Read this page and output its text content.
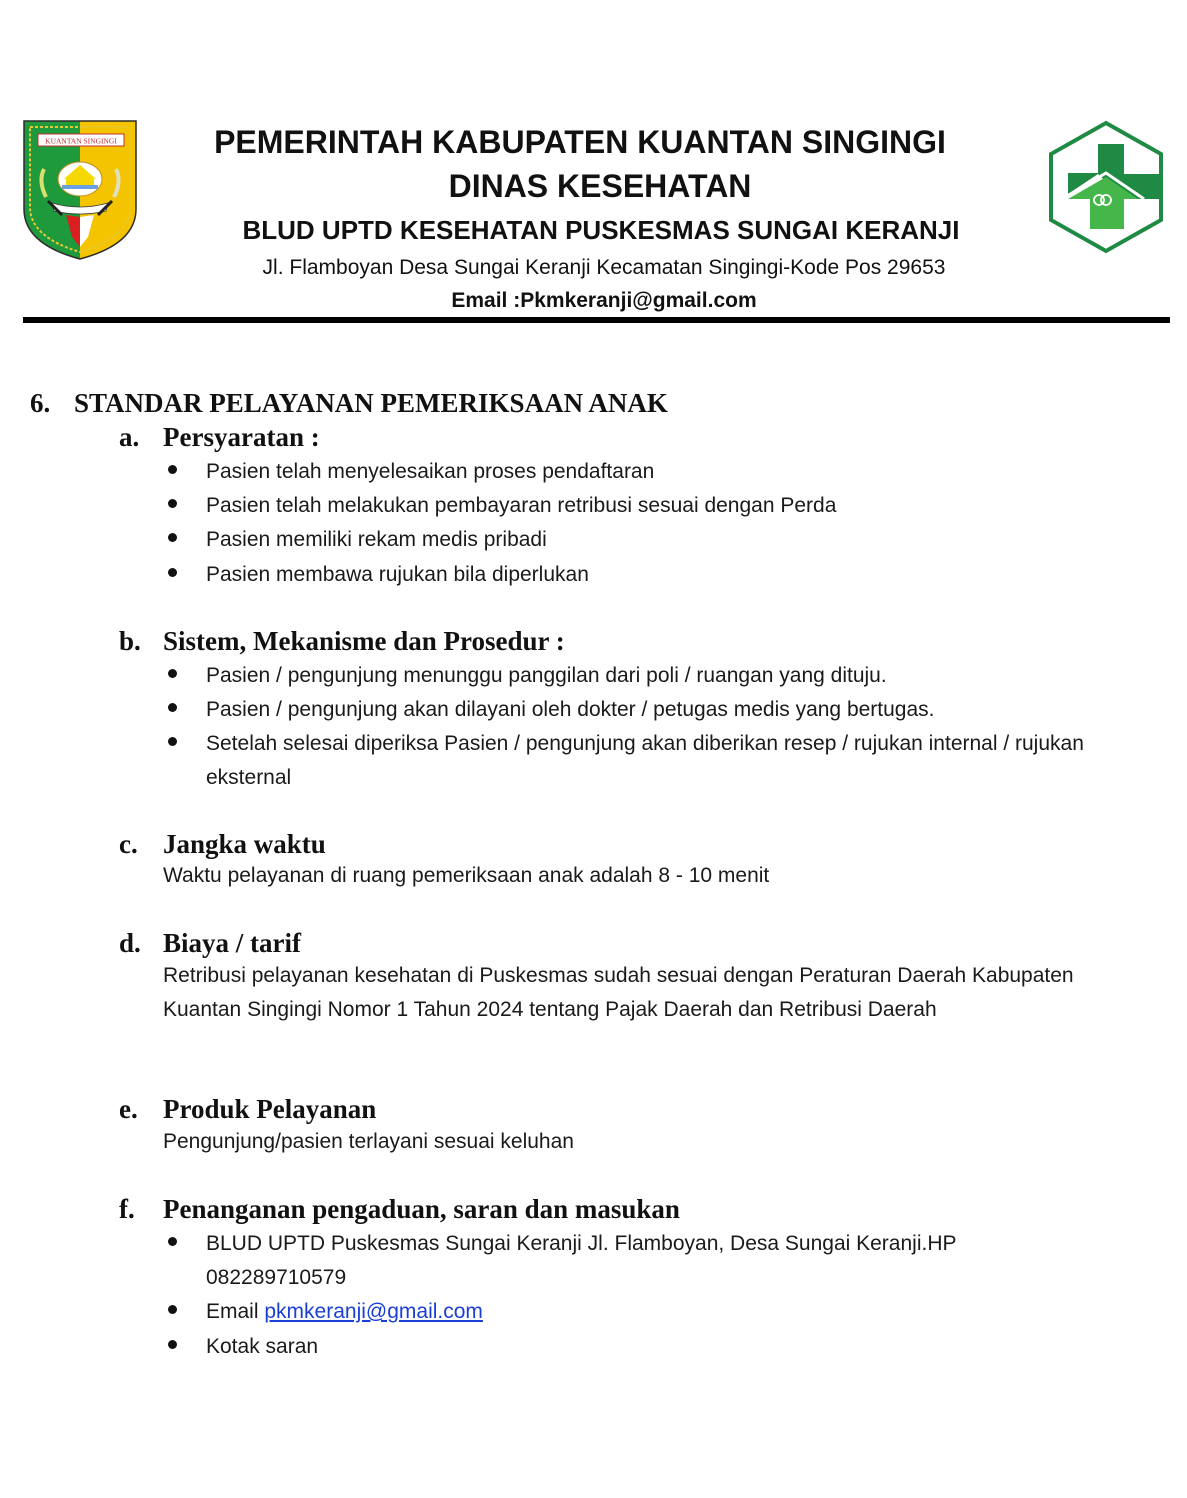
KUANTAN SINGINGI	PEMERINTAH KABUPATEN KUANTAN SINGINGI
DINAS KESEHATAN
BLUD UPTD KESEHATAN PUSKESMAS SUNGAI KERANJI
Jl. Flamboyan Desa Sungai Keranji Kecamatan Singingi-Kode Pos 29653
Email :Pkmkeranji@gmail.com
6. STANDAR PELAYANAN PEMERIKSAAN ANAK
a. Persyaratan :
Pasien telah menyelesaikan proses pendaftaran
Pasien telah melakukan pembayaran retribusi sesuai dengan Perda
Pasien memiliki rekam medis pribadi
Pasien membawa rujukan bila diperlukan
b. Sistem, Mekanisme dan Prosedur :
Pasien / pengunjung menunggu panggilan dari poli / ruangan yang dituju.
Pasien / pengunjung akan dilayani oleh dokter / petugas medis yang bertugas.
Setelah selesai diperiksa Pasien / pengunjung akan diberikan resep / rujukan internal / rujukan eksternal
c. Jangka waktu
Waktu pelayanan di ruang pemeriksaan anak adalah 8 - 10 menit
d. Biaya / tarif
Retribusi pelayanan kesehatan di Puskesmas sudah sesuai dengan Peraturan Daerah Kabupaten Kuantan Singingi Nomor 1 Tahun 2024 tentang Pajak Daerah dan Retribusi Daerah
e. Produk Pelayanan
Pengunjung/pasien terlayani sesuai keluhan
f. Penanganan pengaduan, saran dan masukan
BLUD UPTD Puskesmas Sungai Keranji Jl. Flamboyan, Desa Sungai Keranji.HP 082289710579
Email pkmkeranji@gmail.com
Kotak saran
